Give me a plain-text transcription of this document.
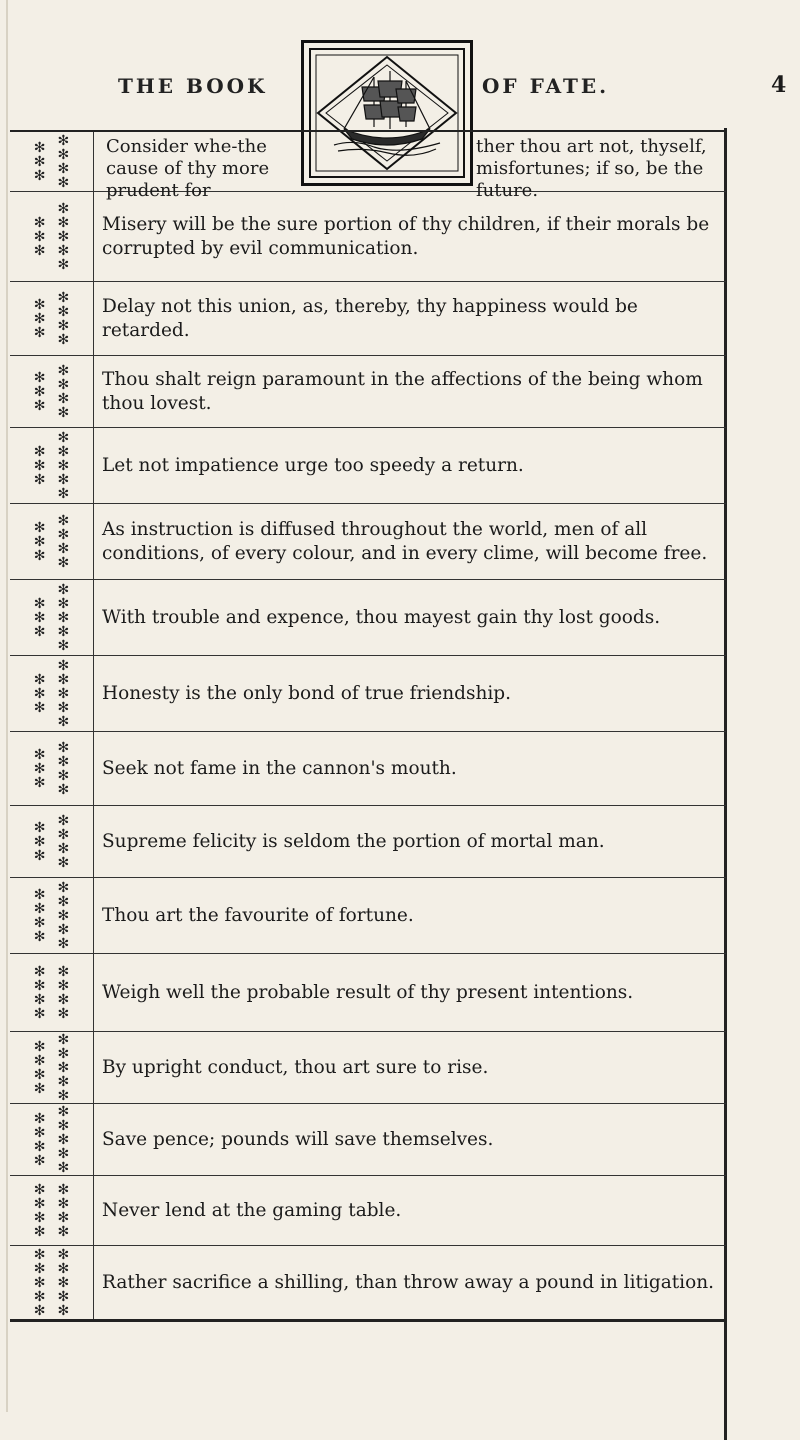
THE BOOK	OF FATE.	4
✻
✻
✻
✻
✻
✻
✻
Consider whe-the cause of thy more prudent for
ther thou art not, thyself, misfortunes; if so, be the future.
✻
✻
✻
✻
✻
✻
✻
✻
Misery will be the sure portion of thy children, if their morals be corrupted by evil communication.
✻
✻
✻
✻
✻
✻
✻
Delay not this union, as, thereby, thy happiness would be retarded.
✻
✻
✻
✻
✻
✻
✻
Thou shalt reign paramount in the affections of the being whom thou lovest.
✻
✻
✻
✻
✻
✻
✻
✻
Let not impatience urge too speedy a return.
✻
✻
✻
✻
✻
✻
✻
As instruction is diffused throughout the world, men of all conditions, of every colour, and in every clime, will become free.
✻
✻
✻
✻
✻
✻
✻
✻
With trouble and expence, thou mayest gain thy lost goods.
✻
✻
✻
✻
✻
✻
✻
✻
Honesty is the only bond of true friendship.
✻
✻
✻
✻
✻
✻
✻
Seek not fame in the cannon's mouth.
✻
✻
✻
✻
✻
✻
✻
Supreme felicity is seldom the portion of mortal man.
✻
✻
✻
✻
✻
✻
✻
✻
✻
Thou art the favourite of fortune.
✻
✻
✻
✻
✻
✻
✻
✻
Weigh well the probable result of thy present intentions.
✻
✻
✻
✻
✻
✻
✻
✻
✻
By upright conduct, thou art sure to rise.
✻
✻
✻
✻
✻
✻
✻
✻
✻
Save pence; pounds will save themselves.
✻
✻
✻
✻
✻
✻
✻
✻
Never lend at the gaming table.
✻
✻
✻
✻
✻
✻
✻
✻
✻
✻
Rather sacrifice a shilling, than throw away a pound in litigation.
